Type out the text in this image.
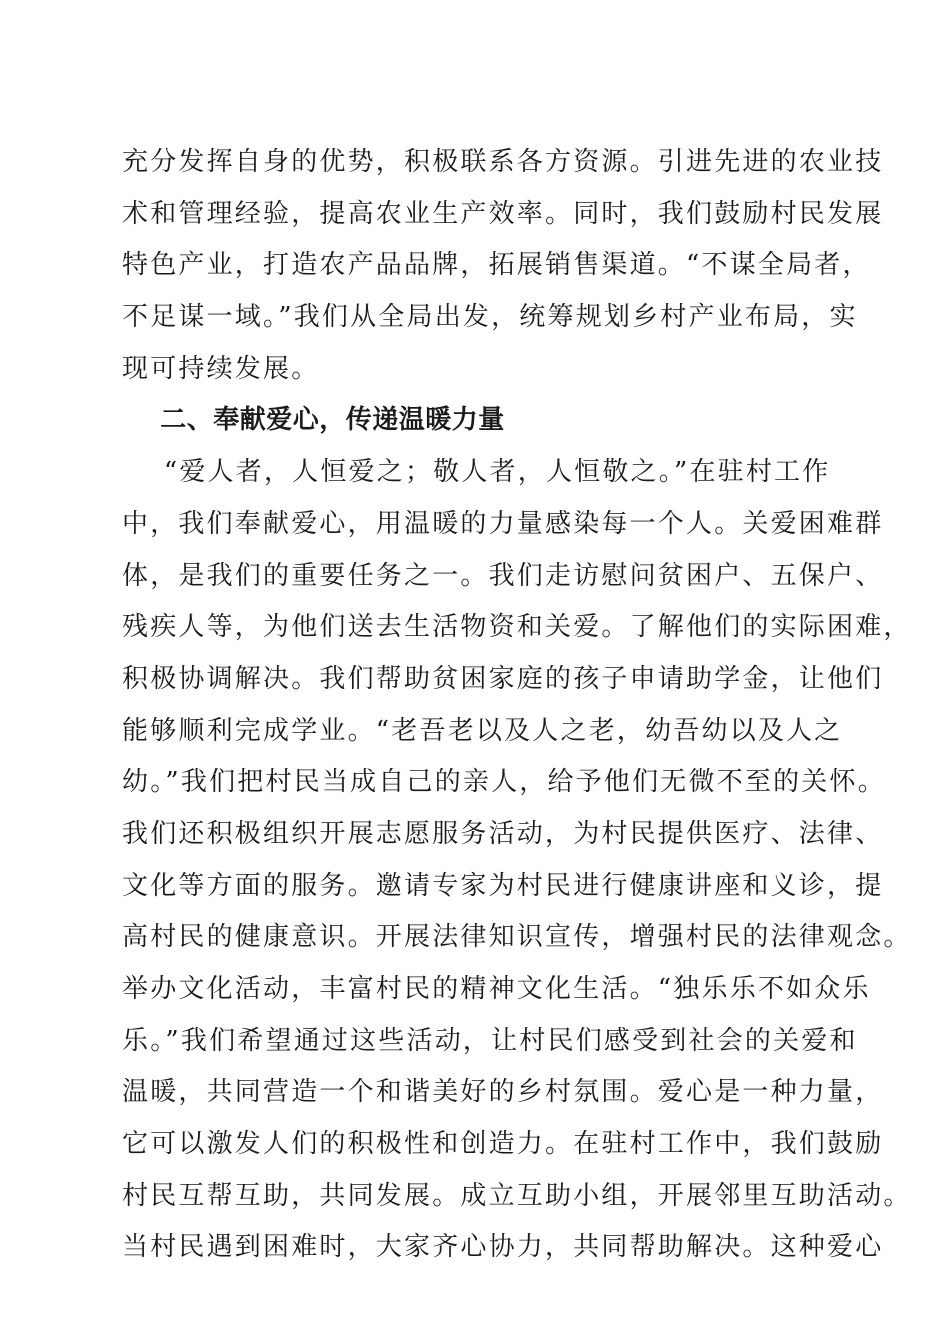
充分发挥自身的优势，积极联系各方资源。引进先进的农业技
术和管理经验，提高农业生产效率。同时，我们鼓励村民发展
特色产业，打造农产品品牌，拓展销售渠道。“不谋全局者，
不足谋一域。”我们从全局出发，统筹规划乡村产业布局，实
现可持续发展。
二、奉献爱心，传递温暖力量
“爱人者，人恒爱之；敬人者，人恒敬之。”在驻村工作
中，我们奉献爱心，用温暖的力量感染每一个人。关爱困难群
体，是我们的重要任务之一。我们走访慰问贫困户、五保户、
残疾人等，为他们送去生活物资和关爱。了解他们的实际困难，
积极协调解决。我们帮助贫困家庭的孩子申请助学金，让他们
能够顺利完成学业。“老吾老以及人之老，幼吾幼以及人之
幼。”我们把村民当成自己的亲人，给予他们无微不至的关怀。
我们还积极组织开展志愿服务活动，为村民提供医疗、法律、
文化等方面的服务。邀请专家为村民进行健康讲座和义诊，提
高村民的健康意识。开展法律知识宣传，增强村民的法律观念。
举办文化活动，丰富村民的精神文化生活。“独乐乐不如众乐
乐。”我们希望通过这些活动，让村民们感受到社会的关爱和
温暖，共同营造一个和谐美好的乡村氛围。爱心是一种力量，
它可以激发人们的积极性和创造力。在驻村工作中，我们鼓励
村民互帮互助，共同发展。成立互助小组，开展邻里互助活动。
当村民遇到困难时，大家齐心协力，共同帮助解决。这种爱心
